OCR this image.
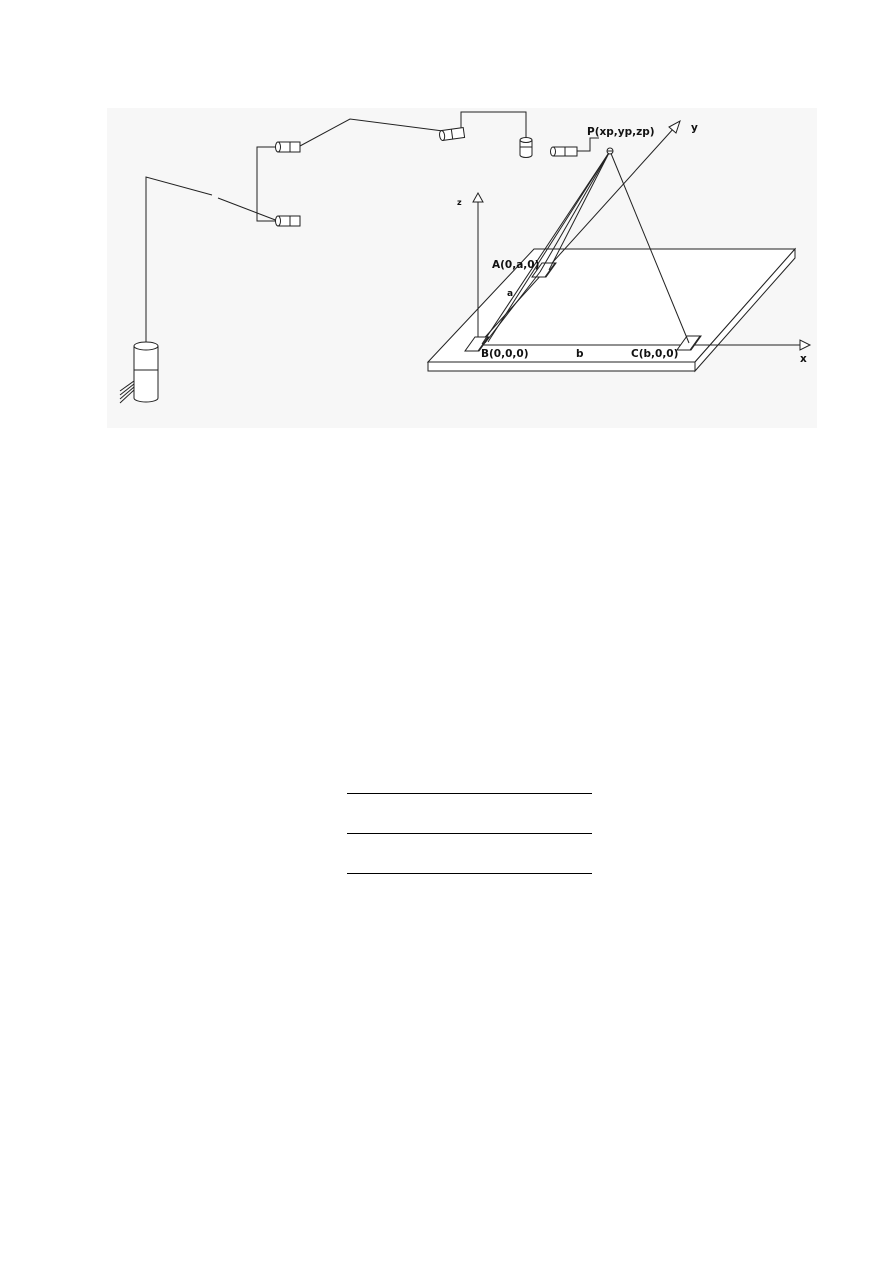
P(xp,yp,zp)	y
z
A(0,a,0)
a
B(0,0,0)	b	C(b,0,0)	x
